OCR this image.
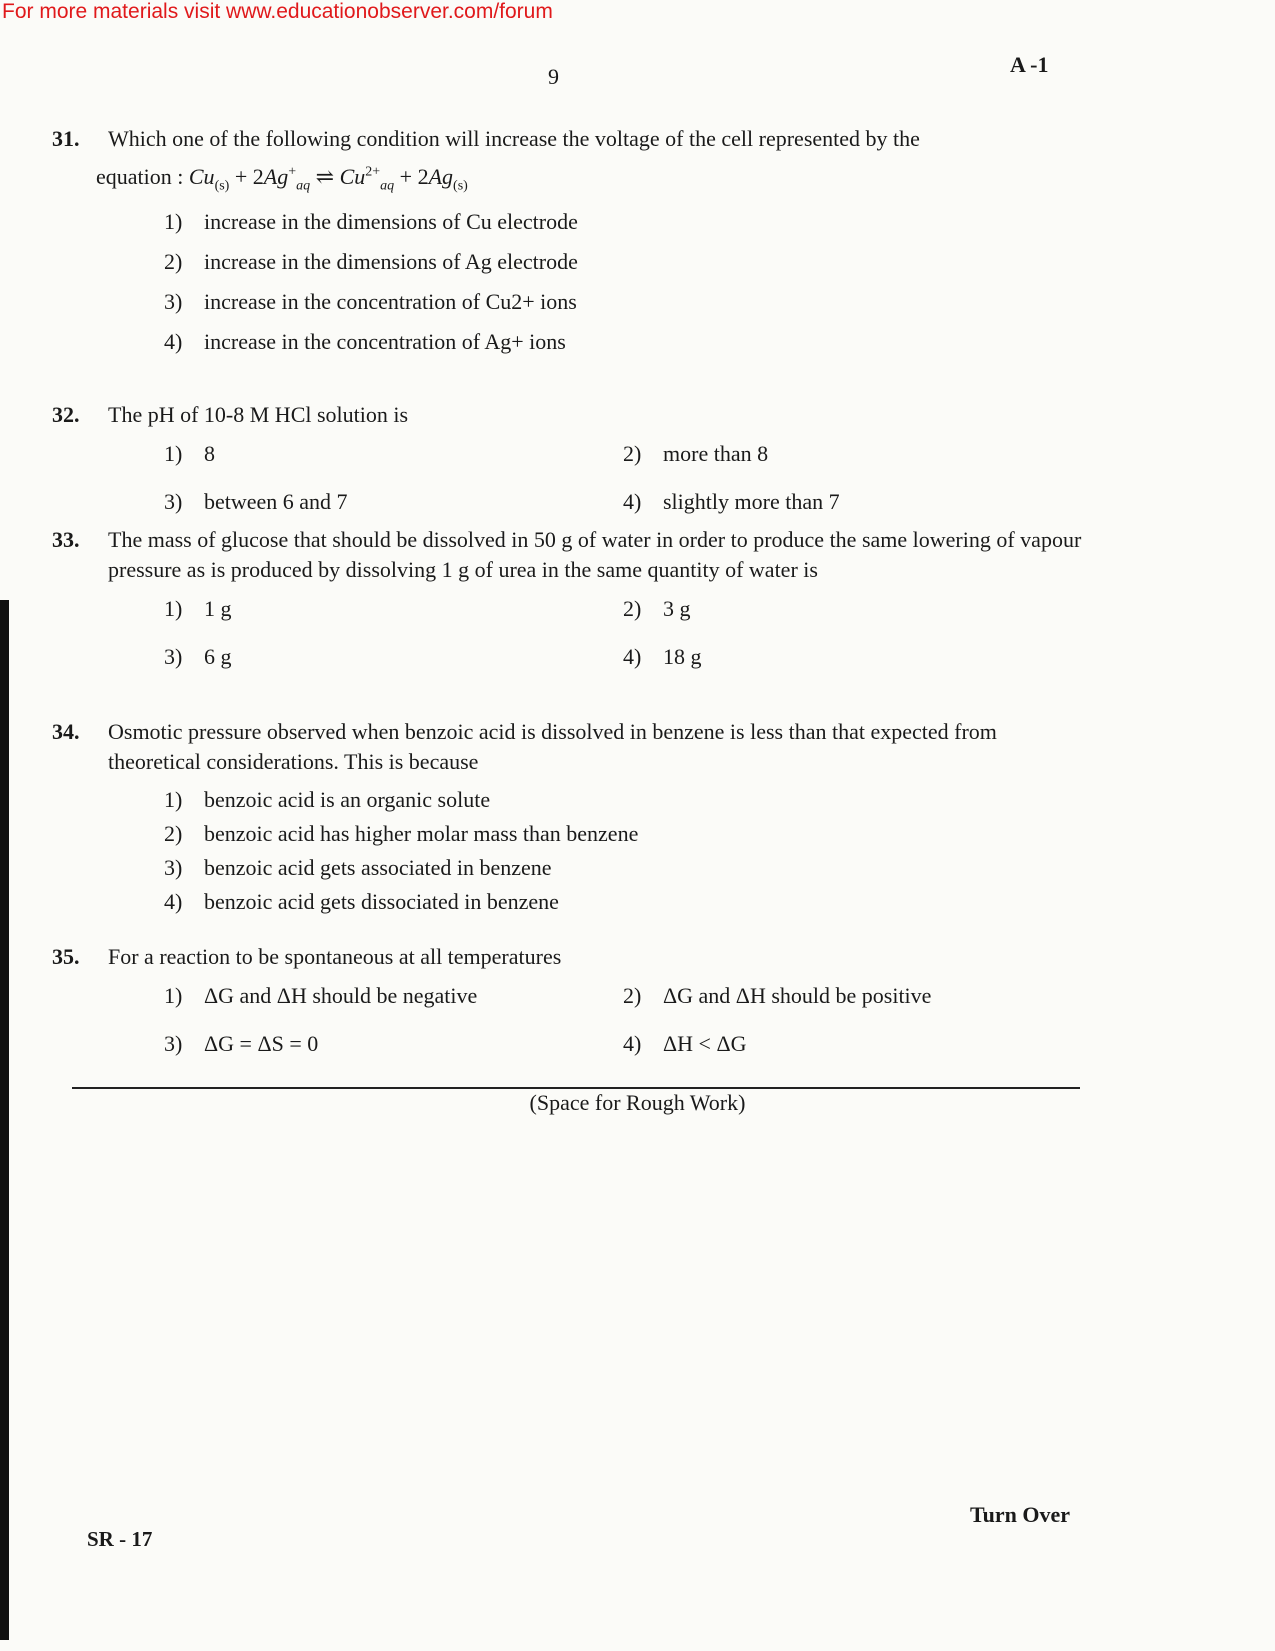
For more materials visit www.educationobserver.com/forum
9	A -1
31.	Which one of the following condition will increase the voltage of the cell represented by the
equation : $Cu_{(s)} + 2Ag^+_{aq}$ ⇌ $Cu^{2+}_{aq} + 2Ag_{(s)}$
1) increase in the dimensions of Cu electrode
2) increase in the dimensions of Ag electrode
3) increase in the concentration of Cu2+ ions
4) increase in the concentration of Ag+ ions
32.	The pH of 10-8 M HCl solution is
1) 8	2) more than 8
3) between 6 and 7	4) slightly more than 7
33.	The mass of glucose that should be dissolved in 50 g of water in order to produce the same lowering of vapour pressure as is produced by dissolving 1 g of urea in the same quantity of water is
1) 1 g	2) 3 g
3) 6 g	4) 18 g
34.	Osmotic pressure observed when benzoic acid is dissolved in benzene is less than that expected from theoretical considerations. This is because
1) benzoic acid is an organic solute
2) benzoic acid has higher molar mass than benzene
3) benzoic acid gets associated in benzene
4) benzoic acid gets dissociated in benzene
35.	For a reaction to be spontaneous at all temperatures
1) ΔG and ΔH should be negative	2) ΔG and ΔH should be positive
3) ΔG = ΔS = 0	4) ΔH < ΔG
(Space for Rough Work)
SR - 17
Turn Over
